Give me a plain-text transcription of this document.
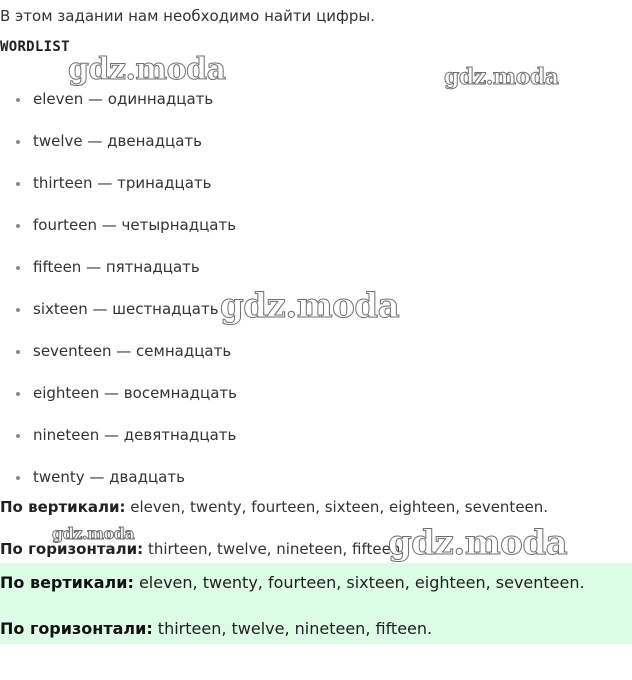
В этом задании нам необходимо найти цифры.
WORDLIST
eleven — одиннадцать
twelve — двенадцать
thirteen — тринадцать
fourteen — четырнадцать
fifteen — пятнадцать
sixteen — шестнадцать
seventeen — семнадцать
eighteen — восемнадцать
nineteen — девятнадцать
twenty — двадцать
По вертикали: eleven, twenty, fourteen, sixteen, eighteen, seventeen.
По горизонтали: thirteen, twelve, nineteen, fifteen.
По вертикали: eleven, twenty, fourteen, sixteen, eighteen, seventeen.
По горизонтали: thirteen, twelve, nineteen, fifteen.
gdz.moda	gdz.moda
gdz.moda
gdz.moda	gdz.moda
